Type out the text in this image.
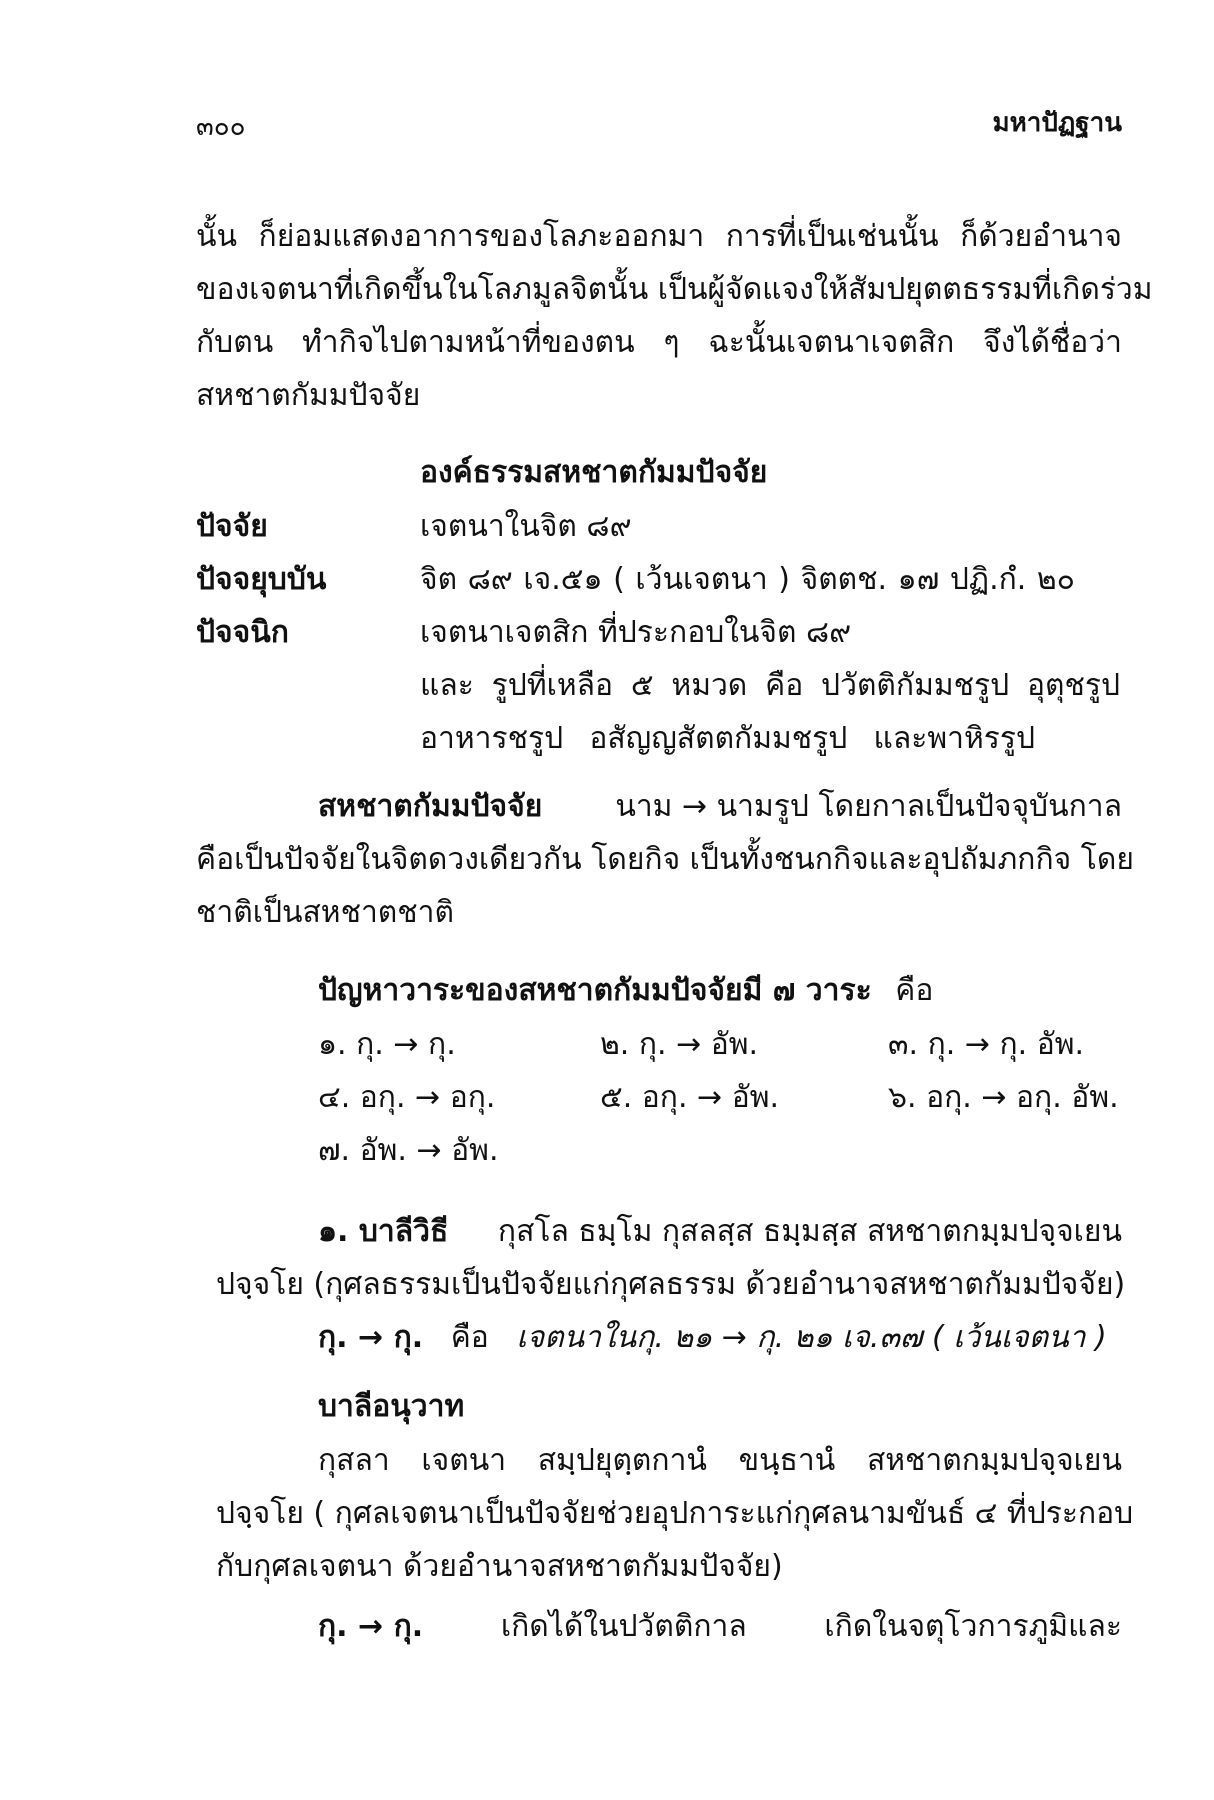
๓๐๐	มหาปัฏฐาน
นั้น ก็ย่อมแสดงอาการของโลภะออกมา การที่เป็นเช่นนั้น ก็ด้วยอำนาจ
ของเจตนาที่เกิดขึ้นในโลภมูลจิตนั้น เป็นผู้จัดแจงให้สัมปยุตตธรรมที่เกิดร่วม
กับตน ทำกิจไปตามหน้าที่ของตน ๆ ฉะนั้นเจตนาเจตสิก จึงได้ชื่อว่า
สหชาตกัมมปัจจัย
องค์ธรรมสหชาตกัมมปัจจัย
ปัจจัย	เจตนาในจิต ๘๙
ปัจจยุบบัน	จิต ๘๙ เจ.๕๑ ( เว้นเจตนา ) จิตตช. ๑๗ ปฏิ.กํ. ๒๐
ปัจจนิก	เจตนาเจตสิก ที่ประกอบในจิต ๘๙
และ รูปที่เหลือ ๕ หมวด คือ ปวัตติกัมมชรูป อุตุชรูป
อาหารชรูป อสัญญสัตตกัมมชรูป และพาหิรรูป
สหชาตกัมมปัจจัย นาม → นามรูป โดยกาลเป็นปัจจุบันกาล
คือเป็นปัจจัยในจิตดวงเดียวกัน โดยกิจ เป็นทั้งชนกกิจและอุปถัมภกกิจ โดย
ชาติเป็นสหชาตชาติ
ปัญหาวาระของสหชาตกัมมปัจจัยมี ๗ วาระ คือ
๑. กุ. → กุ.	๒. กุ. → อัพ.	๓. กุ. → กุ. อัพ.
๔. อกุ. → อกุ.	๕. อกุ. → อัพ.	๖. อกุ. → อกุ. อัพ.
๗. อัพ. → อัพ.
๑. บาลีวิธี กุสโล ธมฺโม กุสลสฺส ธมฺมสฺส สหชาตกมฺมปจฺจเยน
ปจฺจโย (กุศลธรรมเป็นปัจจัยแก่กุศลธรรม ด้วยอำนาจสหชาตกัมมปัจจัย)
กุ. → กุ. คือ เจตนาในกุ. ๒๑ → กุ. ๒๑ เจ.๓๗ ( เว้นเจตนา )
บาลีอนุวาท
กุสลา เจตนา สมฺปยุตฺตกานํ ขนฺธานํ สหชาตกมฺมปจฺจเยน
ปจฺจโย ( กุศลเจตนาเป็นปัจจัยช่วยอุปการะแก่กุศลนามขันธ์ ๔ ที่ประกอบ
กับกุศลเจตนา ด้วยอำนาจสหชาตกัมมปัจจัย)
กุ. → กุ.	เกิดได้ในปวัตติกาล	เกิดในจตุโวการภูมิและ
